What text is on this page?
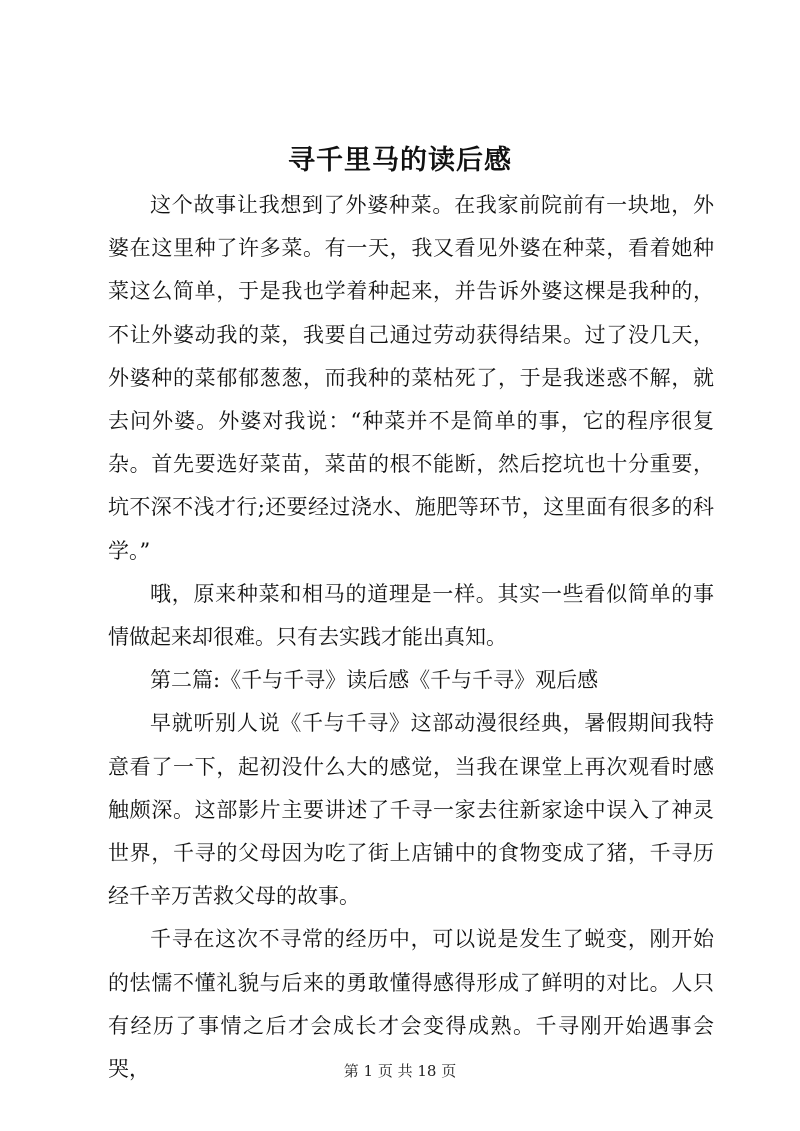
寻千里马的读后感

这个故事让我想到了外婆种菜。在我家前院前有一块地，外婆在这里种了许多菜。有一天，我又看见外婆在种菜，看着她种菜这么简单，于是我也学着种起来，并告诉外婆这棵是我种的，不让外婆动我的菜，我要自己通过劳动获得结果。过了没几天，外婆种的菜郁郁葱葱，而我种的菜枯死了，于是我迷惑不解，就去问外婆。外婆对我说：“种菜并不是简单的事，它的程序很复杂。首先要选好菜苗，菜苗的根不能断，然后挖坑也十分重要，坑不深不浅才行;还要经过浇水、施肥等环节，这里面有很多的科学。”

哦，原来种菜和相马的道理是一样。其实一些看似简单的事情做起来却很难。只有去实践才能出真知。

第二篇:《千与千寻》读后感《千与千寻》观后感

早就听别人说《千与千寻》这部动漫很经典，暑假期间我特意看了一下，起初没什么大的感觉，当我在课堂上再次观看时感触颇深。这部影片主要讲述了千寻一家去往新家途中误入了神灵世界，千寻的父母因为吃了街上店铺中的食物变成了猪，千寻历经千辛万苦救父母的故事。

千寻在这次不寻常的经历中，可以说是发生了蜕变，刚开始的怯懦不懂礼貌与后来的勇敢懂得感得形成了鲜明的对比。人只有经历了事情之后才会成长才会变得成熟。千寻刚开始遇事会哭，	第 1 页 共 18 页
